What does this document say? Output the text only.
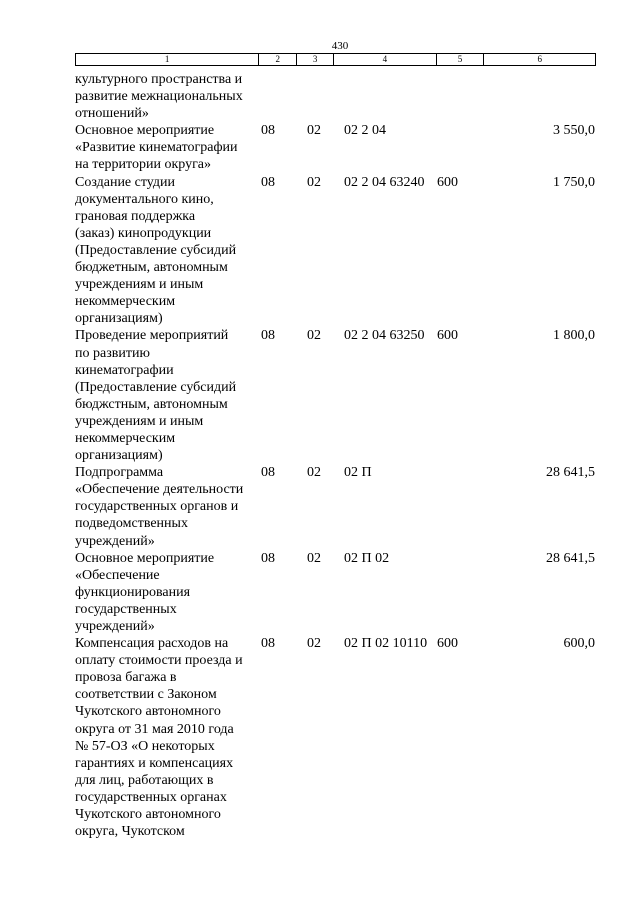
430
1	2	3	4	5	6
культурного пространства и
развитие межнациональных
отношений»
Основное мероприятие
«Развитие кинематографии
на территории округа»
08	02	02 2 04	3 550,0
Создание студии
документального кино,
грановая поддержка
(заказ) кинопродукции
(Предоставление субсидий
бюджетным, автономным
учреждениям и иным
некоммерческим
организациям)
08	02	02 2 04 63240 600	1 750,0
Проведение мероприятий
по развитию
кинематографии
(Предоставление субсидий
бюджстным, автономным
учреждениям и иным
некоммерческим
организациям)
08	02	02 2 04 63250 600	1 800,0
Подпрограмма
«Обеспечение деятельности
государственных органов и
подведомственных
учреждений»
08	02	02 П	28 641,5
Основное мероприятие
«Обеспечение
функционирования
государственных
учреждений»
08	02	02 П 02	28 641,5
Компенсация расходов на
оплату стоимости проезда и
провоза багажа в
соответствии с Законом
Чукотского автономного
округа от 31 мая 2010 года
№ 57-ОЗ «О некоторых
гарантиях и компенсациях
для лиц, работающих в
государственных органах
Чукотского автономного
округа, Чукотском
08	02	02 П 02 10110 600	600,0
